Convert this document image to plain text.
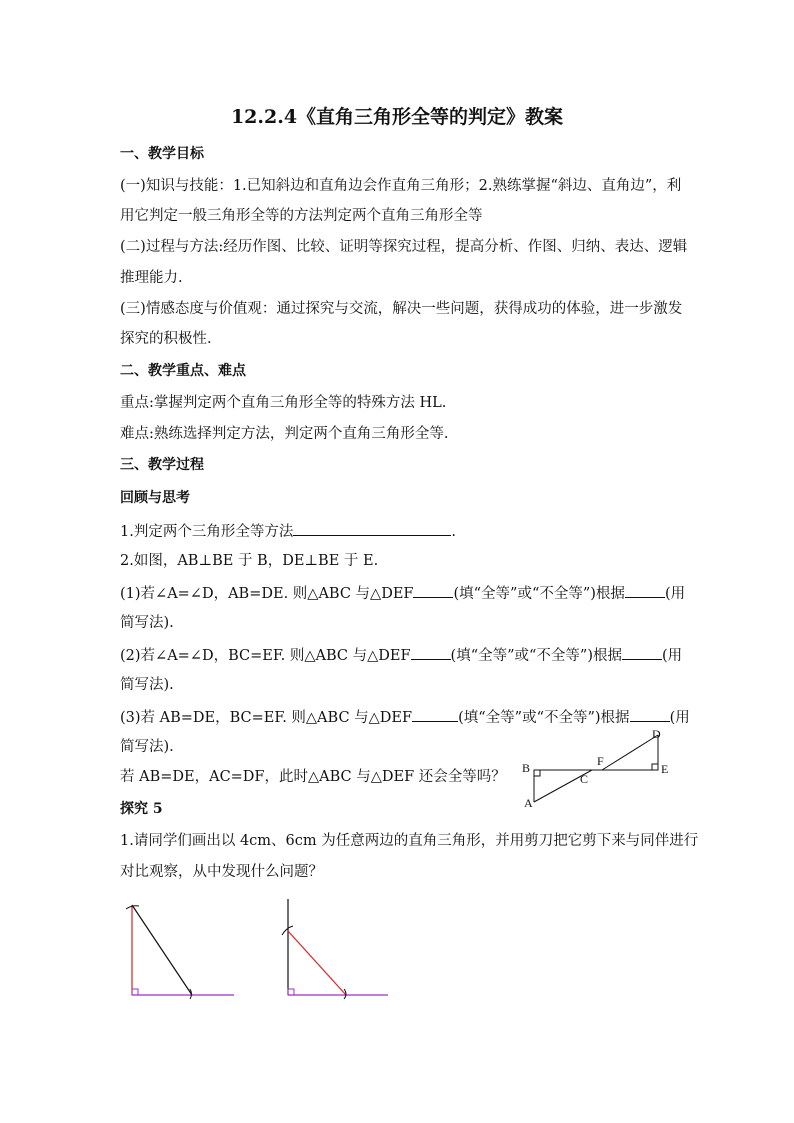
12.2.4《直角三角形全等的判定》教案
一、教学目标
(一)知识与技能：1.已知斜边和直角边会作直角三角形；2.熟练掌握“斜边、直角边”，利
用它判定一般三角形全等的方法判定两个直角三角形全等
(二)过程与方法:经历作图、比较、证明等探究过程，提高分析、作图、归纳、表达、逻辑
推理能力.
(三)情感态度与价值观：通过探究与交流，解决一些问题，获得成功的体验，进一步激发
探究的积极性.
二、教学重点、难点
重点:掌握判定两个直角三角形全等的特殊方法 HL.
难点:熟练选择判定方法，判定两个直角三角形全等.
三、教学过程
回顾与思考
1.判定两个三角形全等方法	.
2.如图，AB⊥BE 于 B，DE⊥BE 于 E.
(1)若∠A=∠D，AB=DE. 则△ABC 与△DEF	(填“全等”或“不全等”)根据	(用
简写法).
(2)若∠A=∠D，BC=EF. 则△ABC 与△DEF	(填“全等”或“不全等”)根据	(用
简写法).
(3)若 AB=DE，BC=EF. 则△ABC 与△DEF	(填“全等”或“不全等”)根据	(用
简写法).
若 AB=DE，AC=DF，此时△ABC 与△DEF 还会全等吗？
探究 5
1.请同学们画出以 4cm、6cm 为任意两边的直角三角形，并用剪刀把它剪下来与同伴进行
对比观察，从中发现什么问题？
B
A
C
F
D
E
